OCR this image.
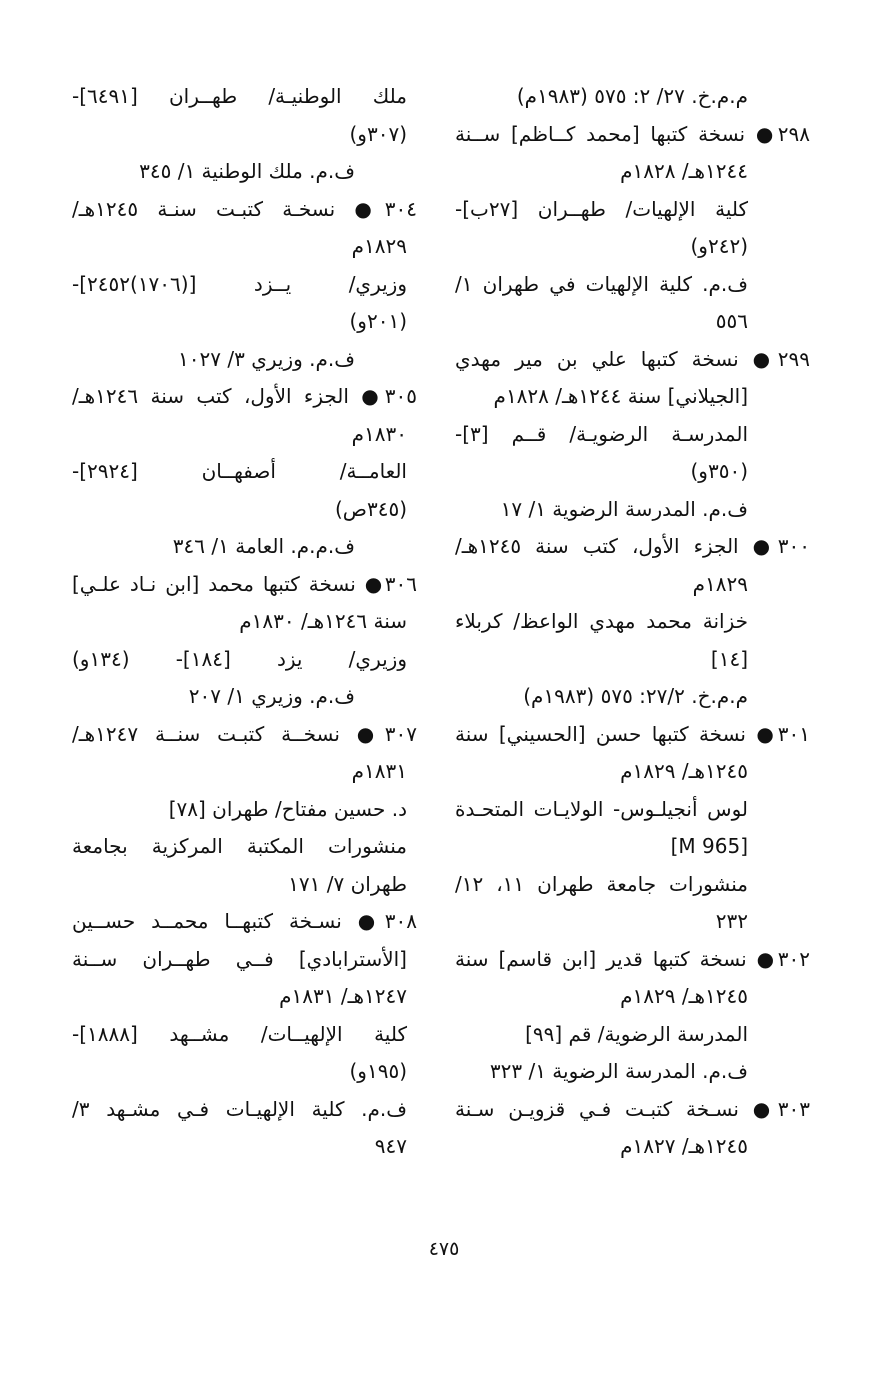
م.م.خ. ٢٧/ ٢: ٥٧٥ (١٩٨٣م)
٢٩٨● نسخة كتبها [محمد كــاظم] ســنة
١٢٤٤هـ/ ١٨٢٨م
كلية الإلهيات/ طهــران [٢٧ب]-
(٢٤٢و)
ف.م. كلية الإلهيات في طهران ١/
٥٥٦
٢٩٩● نسخة كتبها علي بن مير مهدي
[الجيلاني] سنة ١٢٤٤هـ/ ١٨٢٨م
المدرسـة الرضويـة/ قــم [٣]-
(٣٥٠و)
ف.م. المدرسة الرضوية ١/ ١٧
٣٠٠● الجزء الأول، كتب سنة ١٢٤٥هـ/
١٨٢٩م
خزانة محمد مهدي الواعظ/ كربلاء
[١٤]
م.م.خ. ٢٧/٢: ٥٧٥ (١٩٨٣م)
٣٠١● نسخة كتبها حسن [الحسيني] سنة
١٢٤٥هـ/ ١٨٢٩م
لوس أنجيلـوس- الولايـات المتحـدة
[M 965]
منشورات جامعة طهران ١١، ١٢/
٢٣٢
٣٠٢● نسخة كتبها قدير [ابن قاسم] سنة
١٢٤٥هـ/ ١٨٢٩م
المدرسة الرضوية/ قم [٩٩]
ف.م. المدرسة الرضوية ١/ ٣٢٣
٣٠٣● نسـخة كتبـت فـي قزويـن سـنة
١٢٤٥هـ/ ١٨٢٧م
ملك الوطنيـة/ طهــران [٦٤٩١]-
(٣٠٧و)
ف.م. ملك الوطنية ١/ ٣٤٥
٣٠٤● نسخـة كتبـت سنـة ١٢٤٥هـ/
١٨٢٩م
وزيري/ يــزد [(١٧٠٦)٢٤٥٢]-
(٢٠١و)
ف.م. وزيري ٣/ ١٠٢٧
٣٠٥● الجزء الأول، كتب سنة ١٢٤٦هـ/
١٨٣٠م
العامــة/ أصفهــان [٢٩٢٤]-
(٣٤٥ص)
ف.م.م. العامة ١/ ٣٤٦
٣٠٦● نسخة كتبها محمد [ابن نـاد علـي]
سنة ١٢٤٦هـ/ ١٨٣٠م
وزيري/ يزد [١٨٤]- (١٣٤و)
ف.م. وزيري ١/ ٢٠٧
٣٠٧● نسخــة كتبـت سنــة ١٢٤٧هـ/
١٨٣١م
د. حسين مفتاح/ طهران [٧٨]
منشورات المكتبة المركزية بجامعة
طهران ٧/ ١٧١
٣٠٨● نسـخة كتبهــا محمــد حســين
[الأسترابادي] فــي طهــران ســنة
١٢٤٧هـ/ ١٨٣١م
كلية الإلهيــات/ مشــهد [١٨٨٨]-
(١٩٥و)
ف.م. كلية الإلهيـات فـي مشـهد ٣/
٩٤٧
٤٧٥
